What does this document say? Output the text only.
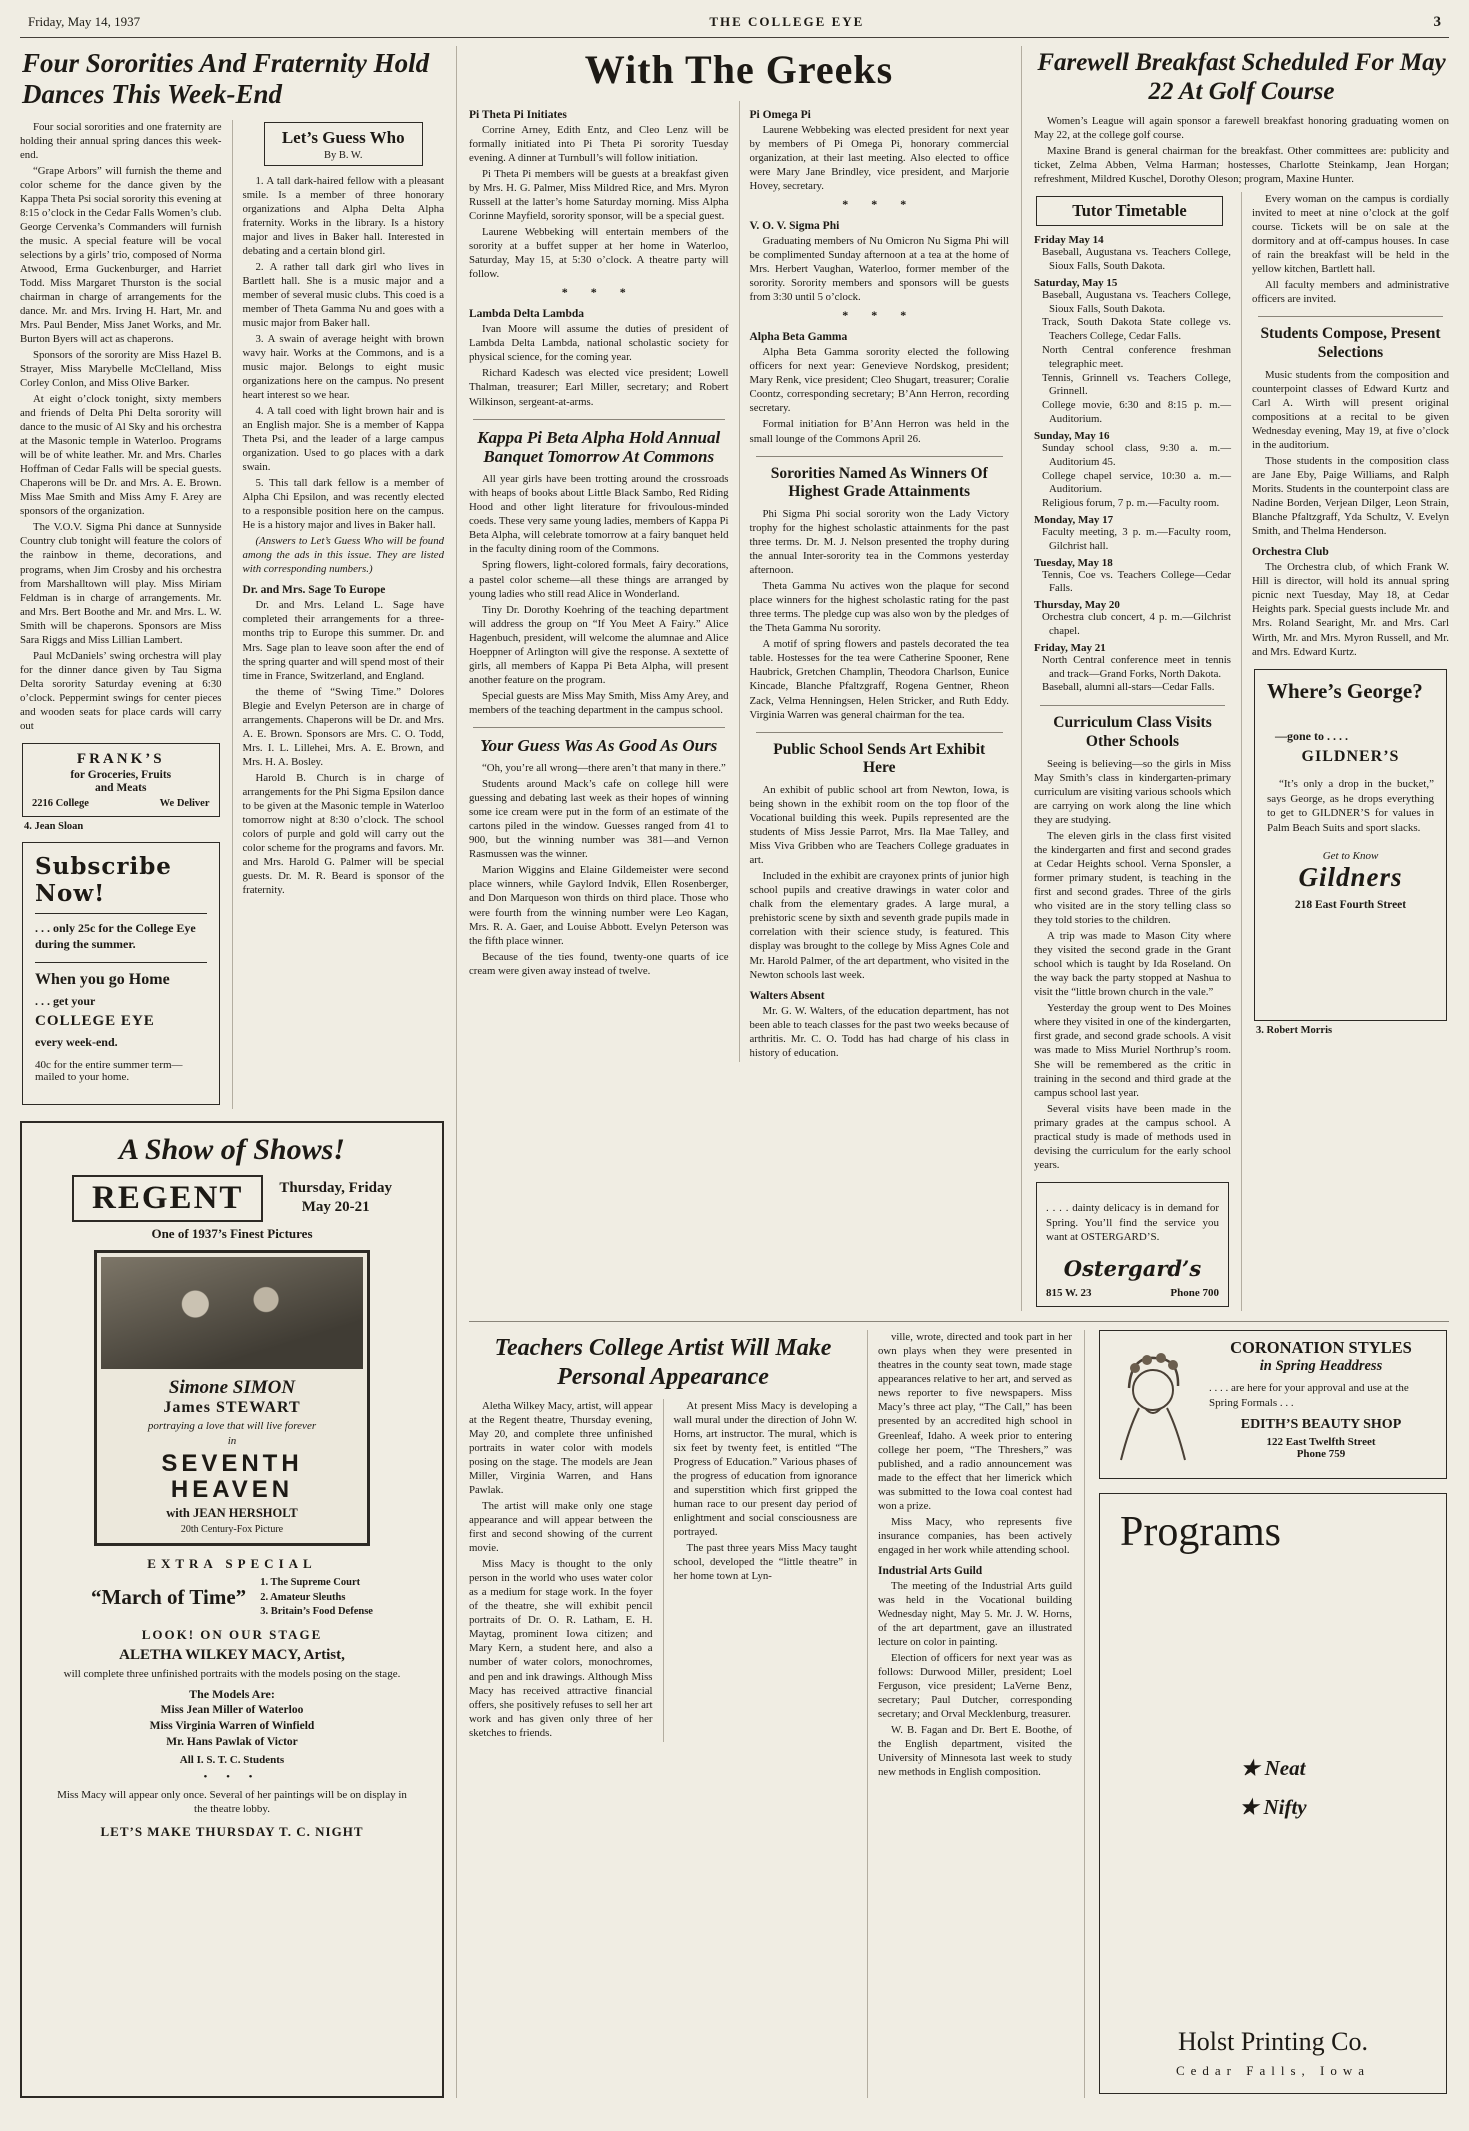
Friday, May 14, 1937	THE COLLEGE EYE	3
Four Sororities And Fraternity Hold Dances This Week-End

Four social sororities and one fraternity are holding their annual spring dances this week-end.

“Grape Arbors” will furnish the theme and color scheme for the dance given by the Kappa Theta Psi social sorority this evening at 8:15 o’clock in the Cedar Falls Women’s club. George Cervenka’s Commanders will furnish the music. A special feature will be vocal selections by a girls’ trio, composed of Norma Atwood, Erma Guckenburger, and Harriet Todd. Miss Margaret Thurston is the social chairman in charge of arrangements for the dance. Mr. and Mrs. Irving H. Hart, Mr. and Mrs. Paul Bender, Miss Janet Works, and Mr. Burton Byers will act as chaperons.

Sponsors of the sorority are Miss Hazel B. Strayer, Miss Marybelle McClelland, Miss Corley Conlon, and Miss Olive Barker.

At eight o’clock tonight, sixty members and friends of Delta Phi Delta sorority will dance to the music of Al Sky and his orchestra at the Masonic temple in Waterloo. Programs will be of white leather. Mr. and Mrs. Charles Hoffman of Cedar Falls will be special guests. Chaperons will be Dr. and Mrs. A. E. Brown. Miss Mae Smith and Miss Amy F. Arey are sponsors of the organization.

The V.O.V. Sigma Phi dance at Sunnyside Country club tonight will feature the colors of the rainbow in theme, decorations, and programs, when Jim Crosby and his orchestra from Marshalltown will play. Miss Miriam Feldman is in charge of arrangements. Mr. and Mrs. Bert Boothe and Mr. and Mrs. L. W. Smith will be chaperons. Sponsors are Miss Sara Riggs and Miss Lillian Lambert.

Paul McDaniels’ swing orchestra will play for the dinner dance given by Tau Sigma Delta sorority Saturday evening at 6:30 o’clock. Peppermint swings for center pieces and wooden seats for place cards will carry out

FRANK’S
for Groceries, Fruits
and Meats
2216 College	We Deliver
4. Jean Sloan
Subscribe Now!

. . . only 25c for the College Eye during the summer.

When you go Home

. . . get your

COLLEGE EYE

every week-end.

40c for the entire summer term—mailed to your home.

Let’s Guess Who
By B. W.

1. A tall dark-haired fellow with a pleasant smile. Is a member of three honorary organizations and Alpha Delta Alpha fraternity. Works in the library. Is a history major and lives in Baker hall. Interested in debating and a certain blond girl.

2. A rather tall dark girl who lives in Bartlett hall. She is a music major and a member of several music clubs. This coed is a member of Theta Gamma Nu and goes with a music major from Baker hall.

3. A swain of average height with brown wavy hair. Works at the Commons, and is a music major. Belongs to eight music organizations here on the campus. No present heart interest so we hear.

4. A tall coed with light brown hair and is an English major. She is a member of Kappa Theta Psi, and the leader of a large campus organization. Used to go places with a dark swain.

5. This tall dark fellow is a member of Alpha Chi Epsilon, and was recently elected to a responsible position here on the campus. He is a history major and lives in Baker hall.

(Answers to Let’s Guess Who will be found among the ads in this issue. They are listed with corresponding numbers.)

Dr. and Mrs. Sage To Europe

Dr. and Mrs. Leland L. Sage have completed their arrangements for a three-months trip to Europe this summer. Dr. and Mrs. Sage plan to leave soon after the end of the spring quarter and will spend most of their time in France, Switzerland, and England.

the theme of “Swing Time.” Dolores Blegie and Evelyn Peterson are in charge of arrangements. Chaperons will be Dr. and Mrs. A. E. Brown. Sponsors are Mrs. C. O. Todd, Mrs. I. L. Lillehei, Mrs. A. E. Brown, and Mrs. H. A. Bosley.

Harold B. Church is in charge of arrangements for the Phi Sigma Epsilon dance to be given at the Masonic temple in Waterloo tomorrow night at 8:30 o’clock. The school colors of purple and gold will carry out the color scheme for the programs and favors. Mr. and Mrs. Harold G. Palmer will be special guests. Dr. M. R. Beard is sponsor of the fraternity.

A Show of Shows!
REGENT	Thursday, Friday
May 20-21
One of 1937’s Finest Pictures
Simone SIMON
James STEWART
portraying a love that will live forever
in
SEVENTH HEAVEN
with JEAN HERSHOLT
20th Century-Fox Picture
EXTRA SPECIAL
“March of Time”
1. The Supreme Court
2. Amateur Sleuths
3. Britain’s Food Defense
LOOK! ON OUR STAGE
ALETHA WILKEY MACY, Artist,

will complete three unfinished portraits with the models posing on the stage.

The Models Are:
Miss Jean Miller of Waterloo
Miss Virginia Warren of Winfield
Mr. Hans Pawlak of Victor
All I. S. T. C. Students
• • •

Miss Macy will appear only once. Several of her paintings will be on display in the theatre lobby.

LET’S MAKE THURSDAY T. C. NIGHT
With The Greeks
Pi Theta Pi Initiates

Corrine Arney, Edith Entz, and Cleo Lenz will be formally initiated into Pi Theta Pi sorority Tuesday evening. A dinner at Turnbull’s will follow initiation.

Pi Theta Pi members will be guests at a breakfast given by Mrs. H. G. Palmer, Miss Mildred Rice, and Mrs. Myron Russell at the latter’s home Saturday morning. Miss Alpha Corinne Mayfield, sorority sponsor, will be a special guest.

Laurene Webbeking will entertain members of the sorority at a buffet supper at her home in Waterloo, Saturday, May 15, at 5:30 o’clock. A theatre party will follow.

* * *
Lambda Delta Lambda

Ivan Moore will assume the duties of president of Lambda Delta Lambda, national scholastic society for physical science, for the coming year.

Richard Kadesch was elected vice president; Lowell Thalman, treasurer; Earl Miller, secretary; and Robert Wilkinson, sergeant-at-arms.

Kappa Pi Beta Alpha Hold Annual Banquet Tomorrow At Commons

All year girls have been trotting around the crossroads with heaps of books about Little Black Sambo, Red Riding Hood and other light literature for frivoulous-minded coeds. These very same young ladies, members of Kappa Pi Beta Alpha, will celebrate tomorrow at a fairy banquet held in the faculty dining room of the Commons.

Spring flowers, light-colored formals, fairy decorations, a pastel color scheme—all these things are arranged by young ladies who still read Alice in Wonderland.

Tiny Dr. Dorothy Koehring of the teaching department will address the group on “If You Meet A Fairy.” Alice Hagenbuch, president, will welcome the alumnae and Alice Hoeppner of Arlington will give the response. A sextette of girls, all members of Kappa Pi Beta Alpha, will present another feature on the program.

Special guests are Miss May Smith, Miss Amy Arey, and members of the teaching department in the campus school.

Your Guess Was As Good As Ours

“Oh, you’re all wrong—there aren’t that many in there.”

Students around Mack’s cafe on college hill were guessing and debating last week as their hopes of winning some ice cream were put in the form of an estimate of the cartons piled in the window. Guesses ranged from 41 to 900, but the winning number was 381—and Vernon Rasmussen was the winner.

Marion Wiggins and Elaine Gildemeister were second place winners, while Gaylord Indvik, Ellen Rosenberger, and Don Marqueson won thirds on third place. Those who were fourth from the winning number were Leo Kagan, Mrs. R. A. Gaer, and Louise Abbott. Evelyn Peterson was the fifth place winner.

Because of the ties found, twenty-one quarts of ice cream were given away instead of twelve.

Pi Omega Pi

Laurene Webbeking was elected president for next year by members of Pi Omega Pi, honorary commercial organization, at their last meeting. Also elected to office were Mary Jane Brindley, vice president, and Marjorie Hovey, secretary.

* * *
V. O. V. Sigma Phi

Graduating members of Nu Omicron Nu Sigma Phi will be complimented Sunday afternoon at a tea at the home of Mrs. Herbert Vaughan, Waterloo, former member of the sorority. Sorority members and sponsors will be guests from 3:30 until 5 o’clock.

* * *
Alpha Beta Gamma

Alpha Beta Gamma sorority elected the following officers for next year: Genevieve Nordskog, president; Mary Renk, vice president; Cleo Shugart, treasurer; Coralie Coontz, corresponding secretary; B’Ann Herron, recording secretary.

Formal initiation for B’Ann Herron was held in the small lounge of the Commons April 26.

Sororities Named As Winners Of Highest Grade Attainments

Phi Sigma Phi social sorority won the Lady Victory trophy for the highest scholastic attainments for the past three terms. Dr. M. J. Nelson presented the trophy during the annual Inter-sorority tea in the Commons yesterday afternoon.

Theta Gamma Nu actives won the plaque for second place winners for the highest scholastic rating for the past three terms. The pledge cup was also won by the pledges of the Theta Gamma Nu sorority.

A motif of spring flowers and pastels decorated the tea table. Hostesses for the tea were Catherine Spooner, Rene Haubrick, Gretchen Champlin, Theodora Charlson, Eunice Kincade, Blanche Pfaltzgraff, Rogena Gentner, Rheon Zack, Velma Henningsen, Helen Stricker, and Ruth Eddy. Virginia Warren was general chairman for the tea.

Public School Sends Art Exhibit Here

An exhibit of public school art from Newton, Iowa, is being shown in the exhibit room on the top floor of the Vocational building this week. Pupils represented are the students of Miss Jessie Parrot, Mrs. Ila Mae Talley, and Miss Viva Gribben who are Teachers College graduates in art.

Included in the exhibit are crayonex prints of junior high school pupils and creative drawings in water color and chalk from the elementary grades. A large mural, a prehistoric scene by sixth and seventh grade pupils made in correlation with their science study, is featured. This display was brought to the college by Miss Agnes Cole and Mr. Harold Palmer, of the art department, who visited in the Newton schools last week.

Walters Absent

Mr. G. W. Walters, of the education department, has not been able to teach classes for the past two weeks because of arthritis. Mr. C. O. Todd has had charge of his class in history of education.

Farewell Breakfast Scheduled For May 22 At Golf Course

Women’s League will again sponsor a farewell breakfast honoring graduating women on May 22, at the college golf course.

Maxine Brand is general chairman for the breakfast. Other committees are: publicity and ticket, Zelma Abben, Velma Harman; hostesses, Charlotte Steinkamp, Jean Horgan; refreshment, Mildred Kuschel, Dorothy Oleson; program, Maxine Hunter.

Tutor Timetable
Friday May 14
Baseball, Augustana vs. Teachers College, Sioux Falls, South Dakota.
Saturday, May 15
Baseball, Augustana vs. Teachers College, Sioux Falls, South Dakota.
Track, South Dakota State college vs. Teachers College, Cedar Falls.
North Central conference freshman telegraphic meet.
Tennis, Grinnell vs. Teachers College, Grinnell.
College movie, 6:30 and 8:15 p. m.—Auditorium.
Sunday, May 16
Sunday school class, 9:30 a. m.—Auditorium 45.
College chapel service, 10:30 a. m.—Auditorium.
Religious forum, 7 p. m.—Faculty room.
Monday, May 17
Faculty meeting, 3 p. m.—Faculty room, Gilchrist hall.
Tuesday, May 18
Tennis, Coe vs. Teachers College—Cedar Falls.
Thursday, May 20
Orchestra club concert, 4 p. m.—Gilchrist chapel.
Friday, May 21
North Central conference meet in tennis and track—Grand Forks, North Dakota.
Baseball, alumni all-stars—Cedar Falls.
Curriculum Class Visits Other Schools

Seeing is believing—so the girls in Miss May Smith’s class in kindergarten-primary curriculum are visiting various schools which are carrying on work along the line which they are studying.

The eleven girls in the class first visited the kindergarten and first and second grades at Cedar Heights school. Verna Sponsler, a former primary student, is teaching in the first and second grades. Three of the girls who visited are in the story telling class so they told stories to the children.

A trip was made to Mason City where they visited the second grade in the Grant school which is taught by Ida Roseland. On the way back the party stopped at Nashua to visit the “little brown church in the vale.”

Yesterday the group went to Des Moines where they visited in one of the kindergarten, first grade, and second grade schools. A visit was made to Miss Muriel Northrup’s room. She will be remembered as the critic in training in the second and third grade at the campus school last year.

Several visits have been made in the primary grades at the campus school. A practical study is made of methods used in devising the curriculum for the early school years.

. . . . dainty delicacy is in demand for Spring. You’ll find the service you want at OSTERGARD’S.

Ostergard’s
815 W. 23	Phone 700

Every woman on the campus is cordially invited to meet at nine o’clock at the golf course. Tickets will be on sale at the dormitory and at off-campus houses. In case of rain the breakfast will be held in the yellow kitchen, Bartlett hall.

All faculty members and administrative officers are invited.

Students Compose, Present Selections

Music students from the composition and counterpoint classes of Edward Kurtz and Carl A. Wirth will present original compositions at a recital to be given Wednesday evening, May 19, at five o’clock in the auditorium.

Those students in the composition class are Jane Eby, Paige Williams, and Ralph Morits. Students in the counterpoint class are Nadine Borden, Verjean Dilger, Leon Strain, Blanche Pfaltzgraff, Yda Schultz, V. Evelyn Smith, and Thelma Henderson.

Orchestra Club

The Orchestra club, of which Frank W. Hill is director, will hold its annual spring picnic next Tuesday, May 18, at Cedar Heights park. Special guests include Mr. and Mrs. Roland Searight, Mr. and Mrs. Carl Wirth, Mr. and Mrs. Myron Russell, and Mr. and Mrs. Edward Kurtz.

Where’s George?
—gone to . . . .
GILDNER’S

“It’s only a drop in the bucket,” says George, as he drops everything to get to GILDNER’S for values in Palm Beach Suits and sport slacks.

Get to Know
Gildners
218 East Fourth Street
3. Robert Morris
Teachers College Artist Will Make Personal Appearance

Aletha Wilkey Macy, artist, will appear at the Regent theatre, Thursday evening, May 20, and complete three unfinished portraits in water color with models posing on the stage. The models are Jean Miller, Virginia Warren, and Hans Pawlak.

The artist will make only one stage appearance and will appear between the first and second showing of the current movie.

Miss Macy is thought to the only person in the world who uses water color as a medium for stage work. In the foyer of the theatre, she will exhibit pencil portraits of Dr. O. R. Latham, E. H. Maytag, prominent Iowa citizen; and Mary Kern, a student here, and also a number of water colors, monochromes, and pen and ink drawings. Although Miss Macy has received attractive financial offers, she positively refuses to sell her art work and has given only three of her sketches to friends.

At present Miss Macy is developing a wall mural under the direction of John W. Horns, art instructor. The mural, which is six feet by twenty feet, is entitled “The Progress of Education.” Various phases of the progress of education from ignorance and superstition which first gripped the human race to our present day period of enlightment and social consciousness are portrayed.

The past three years Miss Macy taught school, developed the “little theatre” in her home town at Lyn-

ville, wrote, directed and took part in her own plays when they were presented in theatres in the county seat town, made stage appearances relative to her art, and served as news reporter to five newspapers. Miss Macy’s three act play, “The Call,” has been presented by an accredited high school in Greenleaf, Idaho. A week prior to entering college her poem, “The Threshers,” was published, and a radio announcement was made to the effect that her limerick which was submitted to the Iowa coal contest had won a prize.

Miss Macy, who represents five insurance companies, has been actively engaged in her work while attending school.

Industrial Arts Guild

The meeting of the Industrial Arts guild was held in the Vocational building Wednesday night, May 5. Mr. J. W. Horns, of the art department, gave an illustrated lecture on color in painting.

Election of officers for next year was as follows: Durwood Miller, president; Loel Ferguson, vice president; LaVerne Benz, secretary; Paul Dutcher, corresponding secretary; and Orval Mecklenburg, treasurer.

W. B. Fagan and Dr. Bert E. Boothe, of the English department, visited the University of Minnesota last week to study new methods in English composition.

CORONATION STYLES
in Spring Headdress

. . . . are here for your approval and use at the Spring Formals . . .

EDITH’S BEAUTY SHOP
122 East Twelfth Street
Phone 759
Programs
★ Neat
★ Nifty
Holst Printing Co.
Cedar Falls, Iowa
